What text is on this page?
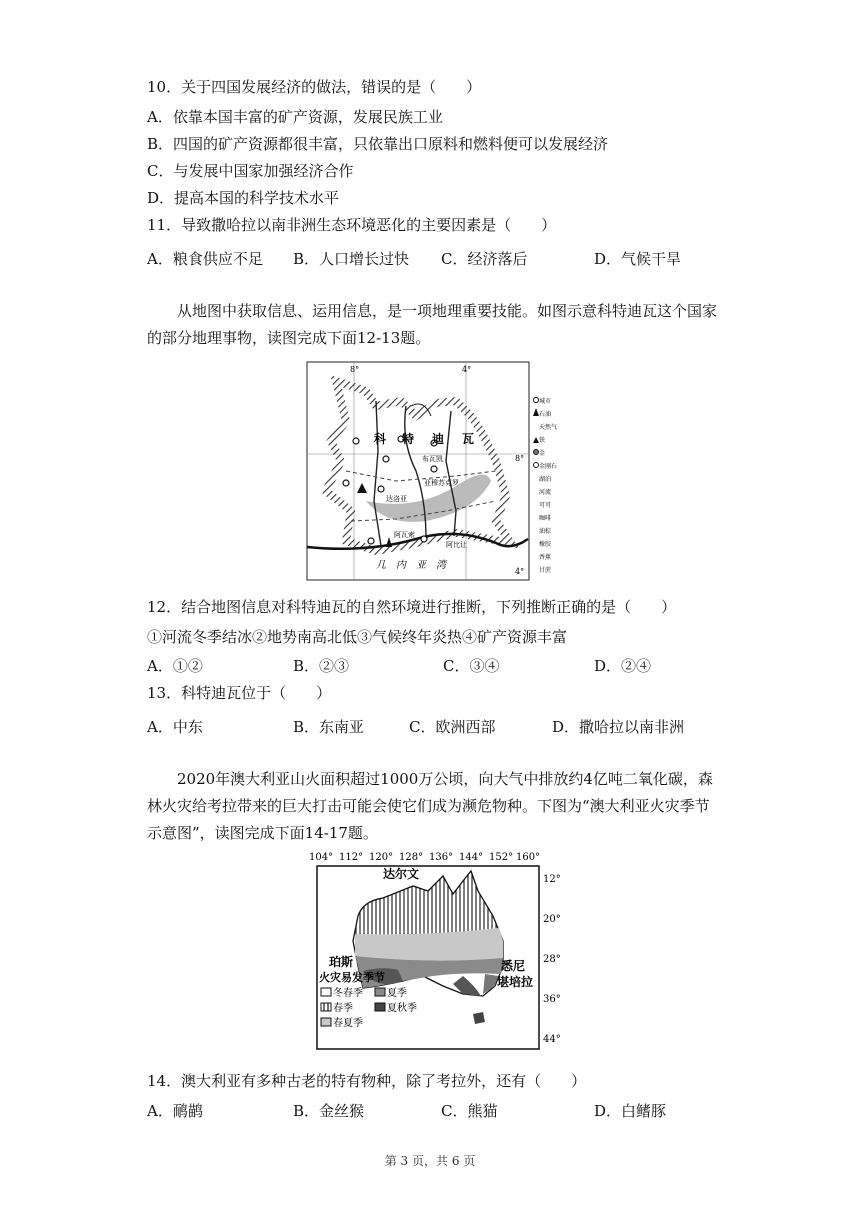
10．关于四国发展经济的做法，错误的是（　　）
A．依靠本国丰富的矿产资源，发展民族工业
B．四国的矿产资源都很丰富，只依靠出口原料和燃料便可以发展经济
C．与发展中国家加强经济合作
D．提高本国的科学技术水平
11．导致撒哈拉以南非洲生态环境恶化的主要因素是（　　）
A．粮食供应不足 B．人口增长过快 C．经济落后	D．气候干旱
从地图中获取信息、运用信息，是一项地理重要技能。如图示意科特迪瓦这个国家的部分地理事物，读图完成下面12-13题。
8°	4°
8°
4°
科 特 迪 瓦
布瓦凯
亚穆苏克罗
达洛亚
阿瓦索
阿比让
几　内　亚　湾
城市
石油
天然气
铁
金
金刚石
湖泊
河流
可可
咖啡
油棕
橡胶
香蕉
甘蔗
12．结合地图信息对科特迪瓦的自然环境进行推断，下列推断正确的是（　　）
①河流冬季结冰②地势南高北低③气候终年炎热④矿产资源丰富
A．①②	B．②③	C．③④	D．②④
13．科特迪瓦位于（　　）
A．中东	B．东南亚	C．欧洲西部	D．撒哈拉以南非洲
2020年澳大利亚山火面积超过1000万公顷，向大气中排放约4亿吨二氧化碳，森林火灾给考拉带来的巨大打击可能会使它们成为濒危物种。下图为“澳大利亚火灾季节示意图”，读图完成下面14-17题。
104° 112° 120° 128° 136° 144° 152° 160°
12°
20°
28°
36°
44°
达尔文
珀斯	悉尼
堪培拉
火灾易发季节
冬春季 夏季
春季	夏秋季
春夏季
14．澳大利亚有多种古老的特有物种，除了考拉外，还有（　　）
A．鸸鹋	B．金丝猴	C．熊猫	D．白鳍豚
第 3 页，共 6 页
